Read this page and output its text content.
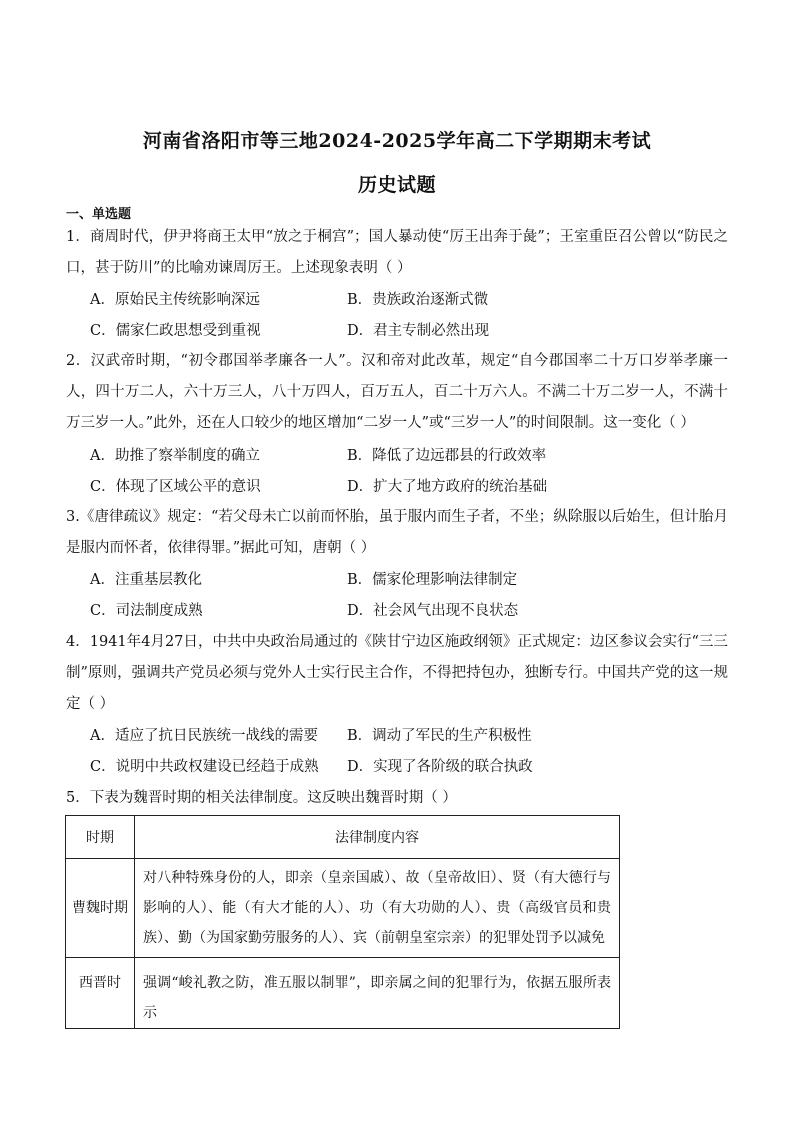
河南省洛阳市等三地2024-2025学年高二下学期期末考试
历史试题
一、单选题
1．商周时代，伊尹将商王太甲“放之于桐宫”；国人暴动使“厉王出奔于彘”；王室重臣召公曾以“防民之口，甚于防川”的比喻劝谏周厉王。上述现象表明（ ）
A．原始民主传统影响深远	B．贵族政治逐渐式微
C．儒家仁政思想受到重视	D．君主专制必然出现
2．汉武帝时期，“初令郡国举孝廉各一人”。汉和帝对此改革，规定“自今郡国率二十万口岁举孝廉一人，四十万二人，六十万三人，八十万四人，百万五人，百二十万六人。不满二十万二岁一人，不满十万三岁一人。”此外，还在人口较少的地区增加“二岁一人”或“三岁一人”的时间限制。这一变化（ ）
A．助推了察举制度的确立	B．降低了边远郡县的行政效率
C．体现了区域公平的意识	D．扩大了地方政府的统治基础
3.《唐律疏议》规定：“若父母未亡以前而怀胎，虽于服内而生子者，不坐；纵除服以后始生，但计胎月是服内而怀者，依律得罪。”据此可知，唐朝（ ）
A．注重基层教化	B．儒家伦理影响法律制定
C．司法制度成熟	D．社会风气出现不良状态
4．1941年4月27日，中共中央政治局通过的《陕甘宁边区施政纲领》正式规定：边区参议会实行“三三制”原则，强调共产党员必须与党外人士实行民主合作，不得把持包办，独断专行。中国共产党的这一规定（ ）
A．适应了抗日民族统一战线的需要 B．调动了军民的生产积极性
C．说明中共政权建设已经趋于成熟 D．实现了各阶级的联合执政
5．下表为魏晋时期的相关法律制度。这反映出魏晋时期（ ）
时期	法律制度内容
曹魏时期	对八种特殊身份的人，即亲（皇亲国戚）、故（皇帝故旧）、贤（有大德行与影响的人）、能（有大才能的人）、功（有大功勋的人）、贵（高级官员和贵族）、勤（为国家勤劳服务的人）、宾（前朝皇室宗亲）的犯罪处罚予以减免
西晋时	强调“峻礼教之防，准五服以制罪”，即亲属之间的犯罪行为，依据五服所表示
